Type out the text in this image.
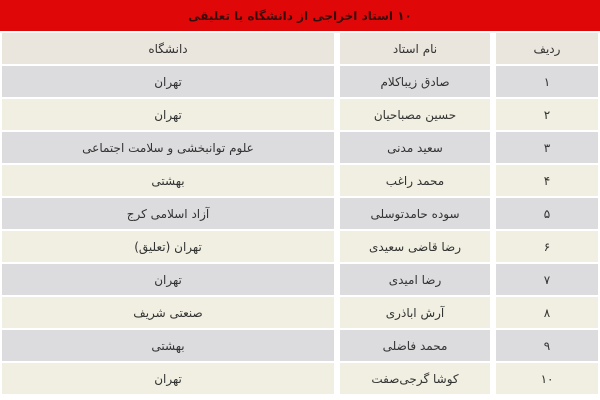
۱۰ استاد اخراجی از دانشگاه یا تعلیقی
ردیف
نام استاد
دانشگاه
۱
صادق زیباکلام
تهران
۲
حسین مصباحیان
تهران
۳
سعید مدنی
علوم توانبخشی و سلامت اجتماعی
۴
محمد راغب
بهشتی
۵
سوده حامدتوسلی
آزاد اسلامی کرج
۶
رضا قاضی سعیدی
تهران (تعلیق)
۷
رضا امیدی
تهران
۸
آرش اباذری
صنعتی شریف
۹
محمد فاضلی
بهشتی
۱۰
کوشا گرجی‌صفت
تهران
